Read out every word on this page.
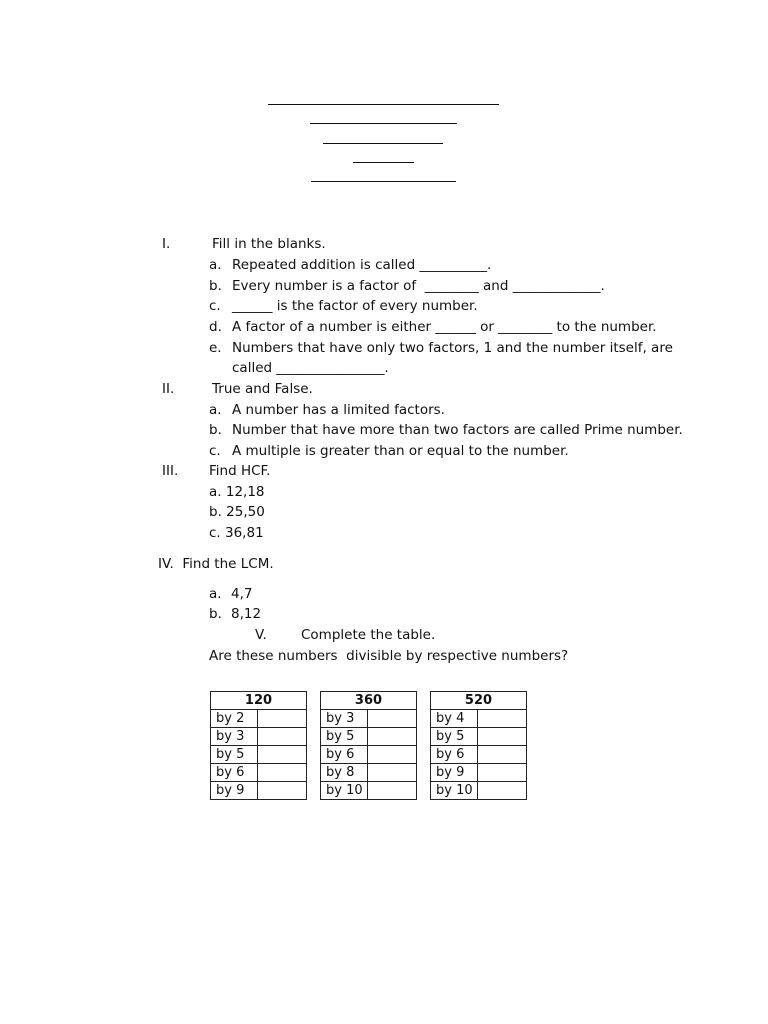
I.	Fill in the blanks.
a. Repeated addition is called __________.
b. Every number is a factor of  ________ and _____________.
c. ______ is the factor of every number.
d. A factor of a number is either ______ or ________ to the number.
e. Numbers that have only two factors, 1 and the number itself, are
called ________________.
II.	True and False.
a. A number has a limited factors.
b. Number that have more than two factors are called Prime number.
c. A multiple is greater than or equal to the number.
III. Find HCF.
a. 12,18
b. 25,50
c. 36,81
IV.  Find the LCM.
a. 4,7
b. 8,12
V.	Complete the table.
Are these numbers  divisible by respective numbers?
120	
by 2	
by 3	
by 5	
by 6	
by 9	
360	
by 3	
by 5	
by 6	
by 8	
by 10	
520	
by 4	
by 5	
by 6	
by 9	
by 10	
